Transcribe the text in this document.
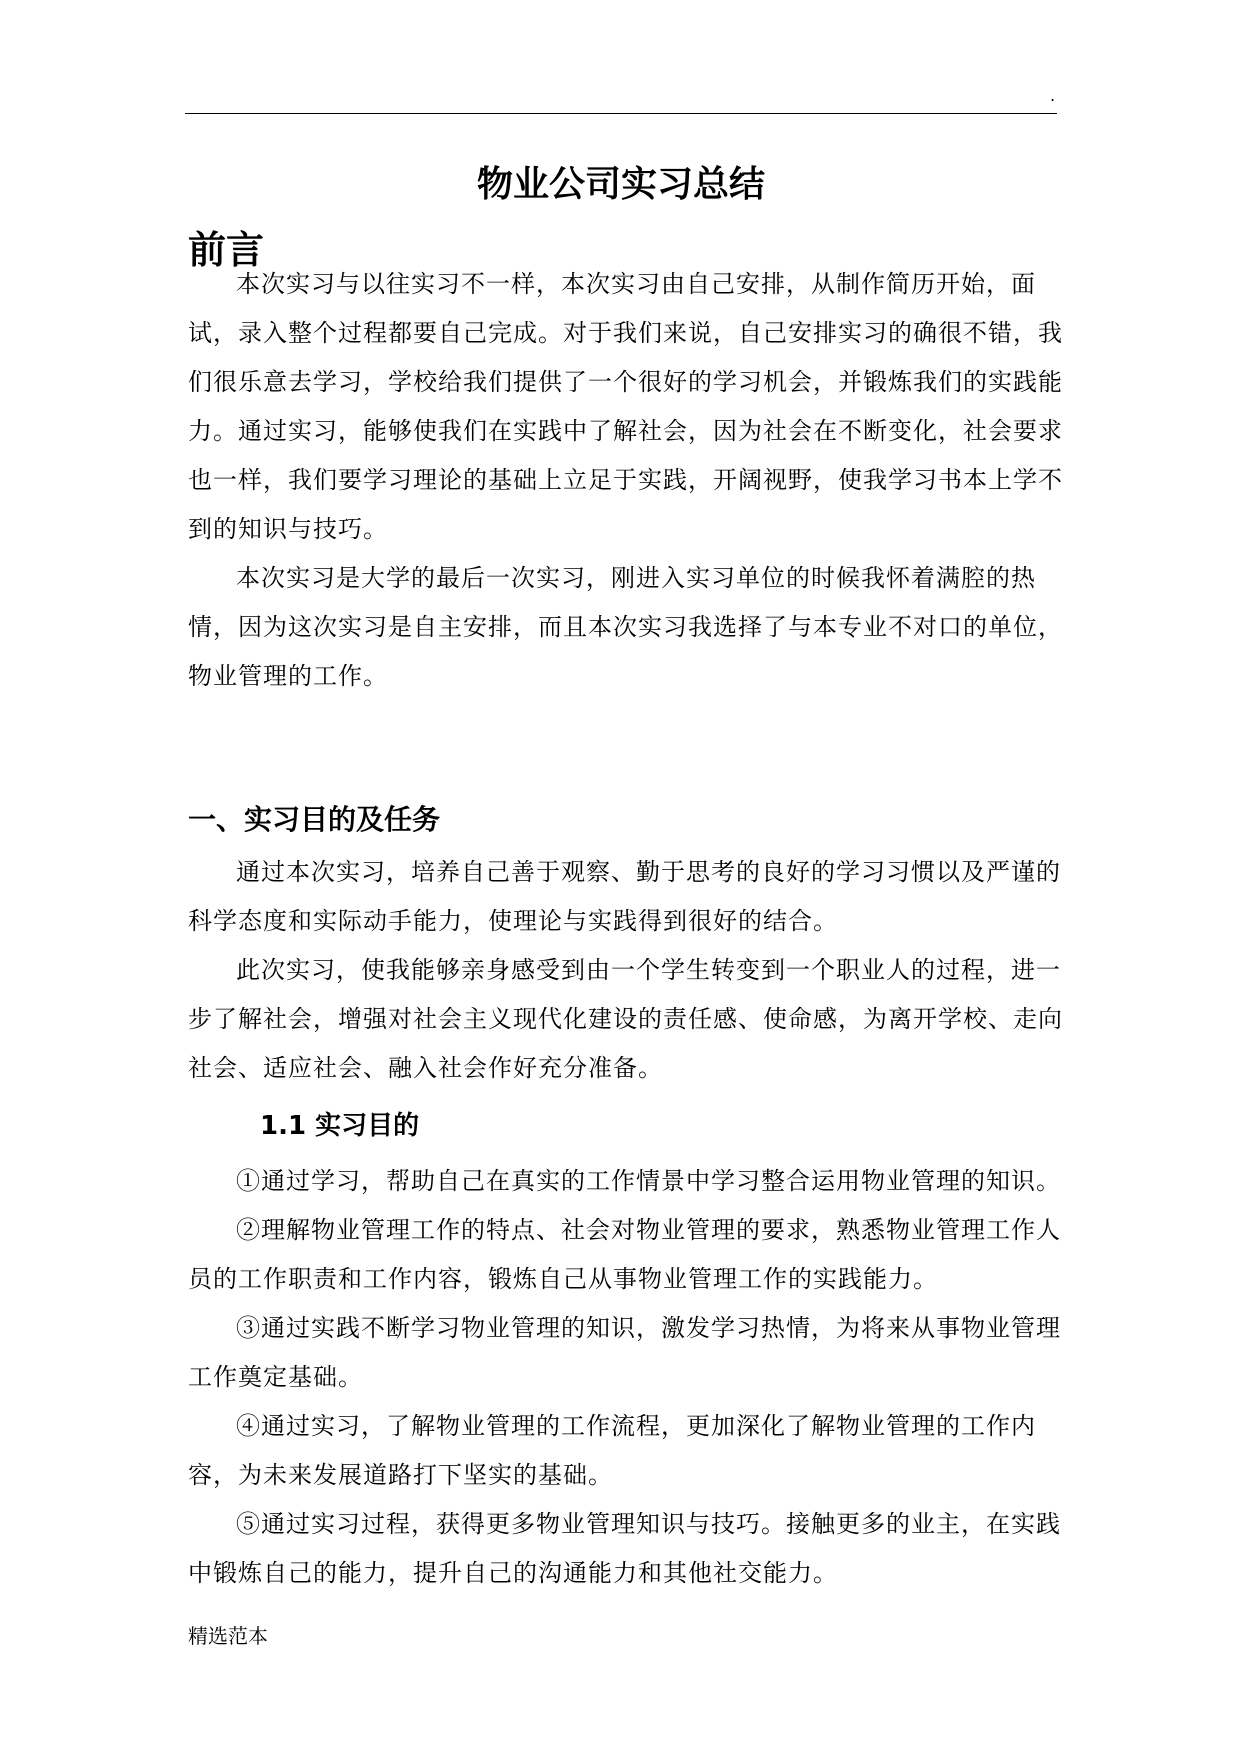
.
物业公司实习总结
前言

本次实习与以往实习不一样，本次实习由自己安排，从制作简历开始，面试，录入整个过程都要自己完成。对于我们来说，自己安排实习的确很不错，我们很乐意去学习，学校给我们提供了一个很好的学习机会，并锻炼我们的实践能力。通过实习，能够使我们在实践中了解社会，因为社会在不断变化，社会要求也一样，我们要学习理论的基础上立足于实践，开阔视野，使我学习书本上学不到的知识与技巧。

本次实习是大学的最后一次实习，刚进入实习单位的时候我怀着满腔的热情，因为这次实习是自主安排，而且本次实习我选择了与本专业不对口的单位，物业管理的工作。

一、实习目的及任务

通过本次实习，培养自己善于观察、勤于思考的良好的学习习惯以及严谨的科学态度和实际动手能力，使理论与实践得到很好的结合。

此次实习，使我能够亲身感受到由一个学生转变到一个职业人的过程，进一步了解社会，增强对社会主义现代化建设的责任感、使命感，为离开学校、走向社会、适应社会、融入社会作好充分准备。

1.1 实习目的

①通过学习，帮助自己在真实的工作情景中学习整合运用物业管理的知识。

②理解物业管理工作的特点、社会对物业管理的要求，熟悉物业管理工作人员的工作职责和工作内容，锻炼自己从事物业管理工作的实践能力。

③通过实践不断学习物业管理的知识，激发学习热情，为将来从事物业管理工作奠定基础。

④通过实习，了解物业管理的工作流程，更加深化了解物业管理的工作内容，为未来发展道路打下坚实的基础。

⑤通过实习过程，获得更多物业管理知识与技巧。接触更多的业主，在实践中锻炼自己的能力，提升自己的沟通能力和其他社交能力。

精选范本
